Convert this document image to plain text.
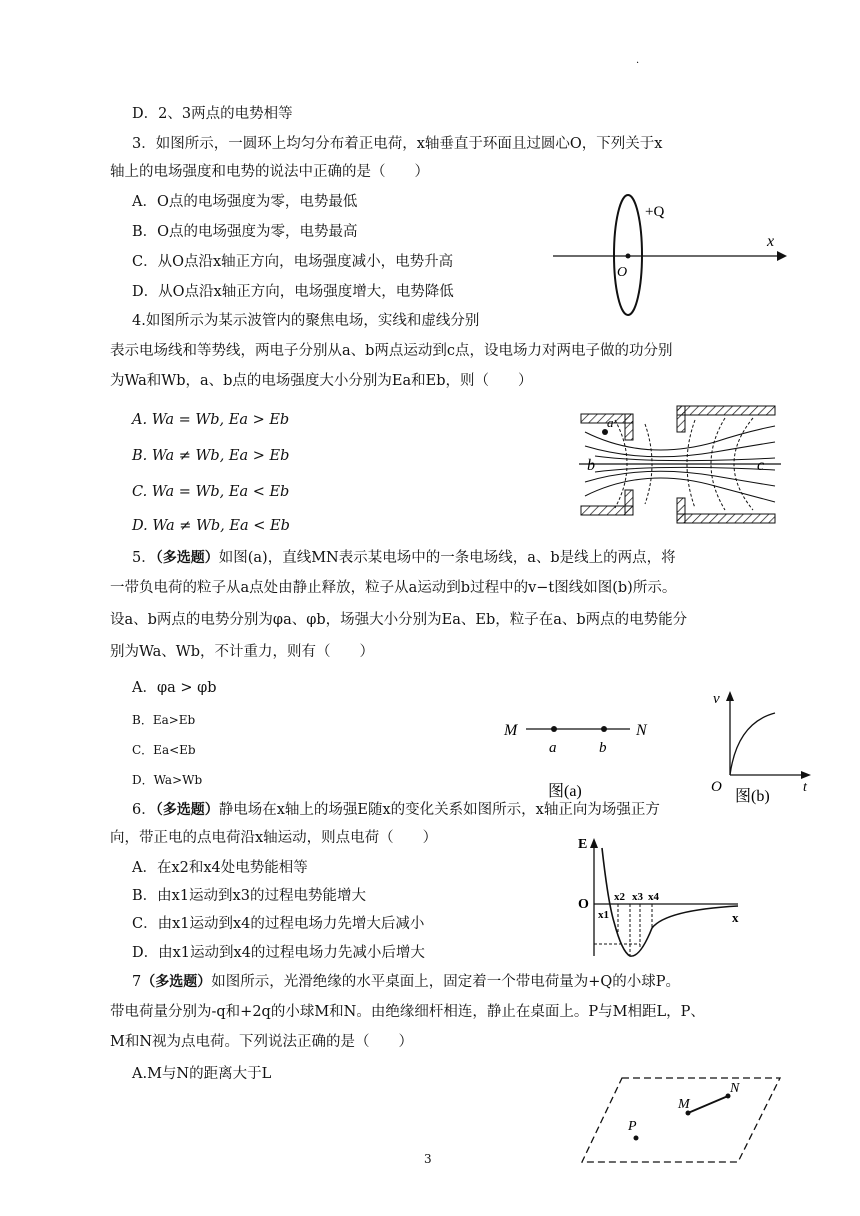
·
D．2、3两点的电势相等
3．如图所示，一圆环上均匀分布着正电荷，x轴垂直于环面且过圆心O，下列关于x
轴上的电场强度和电势的说法中正确的是（　　）
A．O点的电场强度为零，电势最低
B．O点的电场强度为零，电势最高
C．从O点沿x轴正方向，电场强度减小，电势升高
D．从O点沿x轴正方向，电场强度增大，电势降低
4.如图所示为某示波管内的聚焦电场，实线和虚线分别
表示电场线和等势线，两电子分别从a、b两点运动到c点，设电场力对两电子做的功分别
为Wa和Wb，a、b点的电场强度大小分别为Ea和Eb，则（　　）
A. Wa = Wb, Ea > Eb
B. Wa ≠ Wb, Ea > Eb
C. Wa = Wb, Ea < Eb
D. Wa ≠ Wb, Ea < Eb
5．（多选题）如图(a)，直线MN表示某电场中的一条电场线，a、b是线上的两点，将
一带负电荷的粒子从a点处由静止释放，粒子从a运动到b过程中的v−t图线如图(b)所示。
设a、b两点的电势分别为φa、φb，场强大小分别为Ea、Eb，粒子在a、b两点的电势能分
别为Wa、Wb，不计重力，则有（　　）
A．φa > φb
B．Ea>Eb
C．Ea<Eb
D．Wa>Wb
6．（多选题）静电场在x轴上的场强E随x的变化关系如图所示，x轴正向为场强正方
向，带正电的点电荷沿x轴运动，则点电荷（　　）
A．在x2和x4处电势能相等
B．由x1运动到x3的过程电势能增大
C．由x1运动到x4的过程电场力先增大后减小
D．由x1运动到x4的过程电场力先减小后增大
7（多选题）如图所示，光滑绝缘的水平桌面上，固定着一个带电荷量为+Q的小球P。
带电荷量分别为-q和+2q的小球M和N。由绝缘细杆相连，静止在桌面上。P与M相距L，P、
M和N视为点电荷。下列说法正确的是（　　）
A.M与N的距离大于L
+Q
x
O
a
b	c
M	N
a	b
图(a)
v
t
O
图(b)
E
x
O
x1
x2 x3 x4
M
N
P
3
